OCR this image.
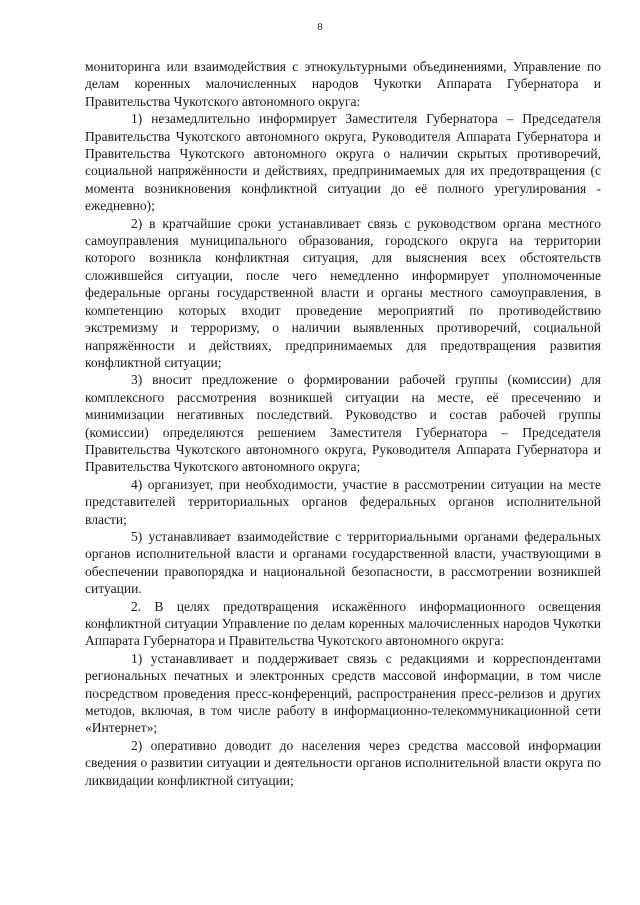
8

мониторинга или взаимодействия с этнокультурными объединениями, Управление по делам коренных малочисленных народов Чукотки Аппарата Губернатора и Правительства Чукотского автономного округа:

1) незамедлительно информирует Заместителя Губернатора – Председателя Правительства Чукотского автономного округа, Руководителя Аппарата Губернатора и Правительства Чукотского автономного округа о наличии скрытых противоречий, социальной напряжённости и действиях, предпринимаемых для их предотвращения (с момента возникновения конфликтной ситуации до её полного урегулирования - ежедневно);

2) в кратчайшие сроки устанавливает связь с руководством органа местного самоуправления муниципального образования, городского округа на территории которого возникла конфликтная ситуация, для выяснения всех обстоятельств сложившейся ситуации, после чего немедленно информирует уполномоченные федеральные органы государственной власти и органы местного самоуправления, в компетенцию которых входит проведение мероприятий по противодействию экстремизму и терроризму, о наличии выявленных противоречий, социальной напряжённости и действиях, предпринимаемых для предотвращения развития конфликтной ситуации;

3) вносит предложение о формировании рабочей группы (комиссии) для комплексного рассмотрения возникшей ситуации на месте, её пресечению и минимизации негативных последствий. Руководство и состав рабочей группы (комиссии) определяются решением Заместителя Губернатора – Председателя Правительства Чукотского автономного округа, Руководителя Аппарата Губернатора и Правительства Чукотского автономного округа;

4) организует, при необходимости, участие в рассмотрении ситуации на месте представителей территориальных органов федеральных органов исполнительной власти;

5) устанавливает взаимодействие с территориальными органами федеральных органов исполнительной власти и органами государственной власти, участвующими в обеспечении правопорядка и национальной безопасности, в рассмотрении возникшей ситуации.

2. В целях предотвращения искажённого информационного освещения конфликтной ситуации Управление по делам коренных малочисленных народов Чукотки Аппарата Губернатора и Правительства Чукотского автономного округа:

1) устанавливает и поддерживает связь с редакциями и корреспондентами региональных печатных и электронных средств массовой информации, в том числе посредством проведения пресс-конференций, распространения пресс-релизов и других методов, включая, в том числе работу в информационно-телекоммуникационной сети «Интернет»;

2) оперативно доводит до населения через средства массовой информации сведения о развитии ситуации и деятельности органов исполнительной власти округа по ликвидации конфликтной ситуации;
